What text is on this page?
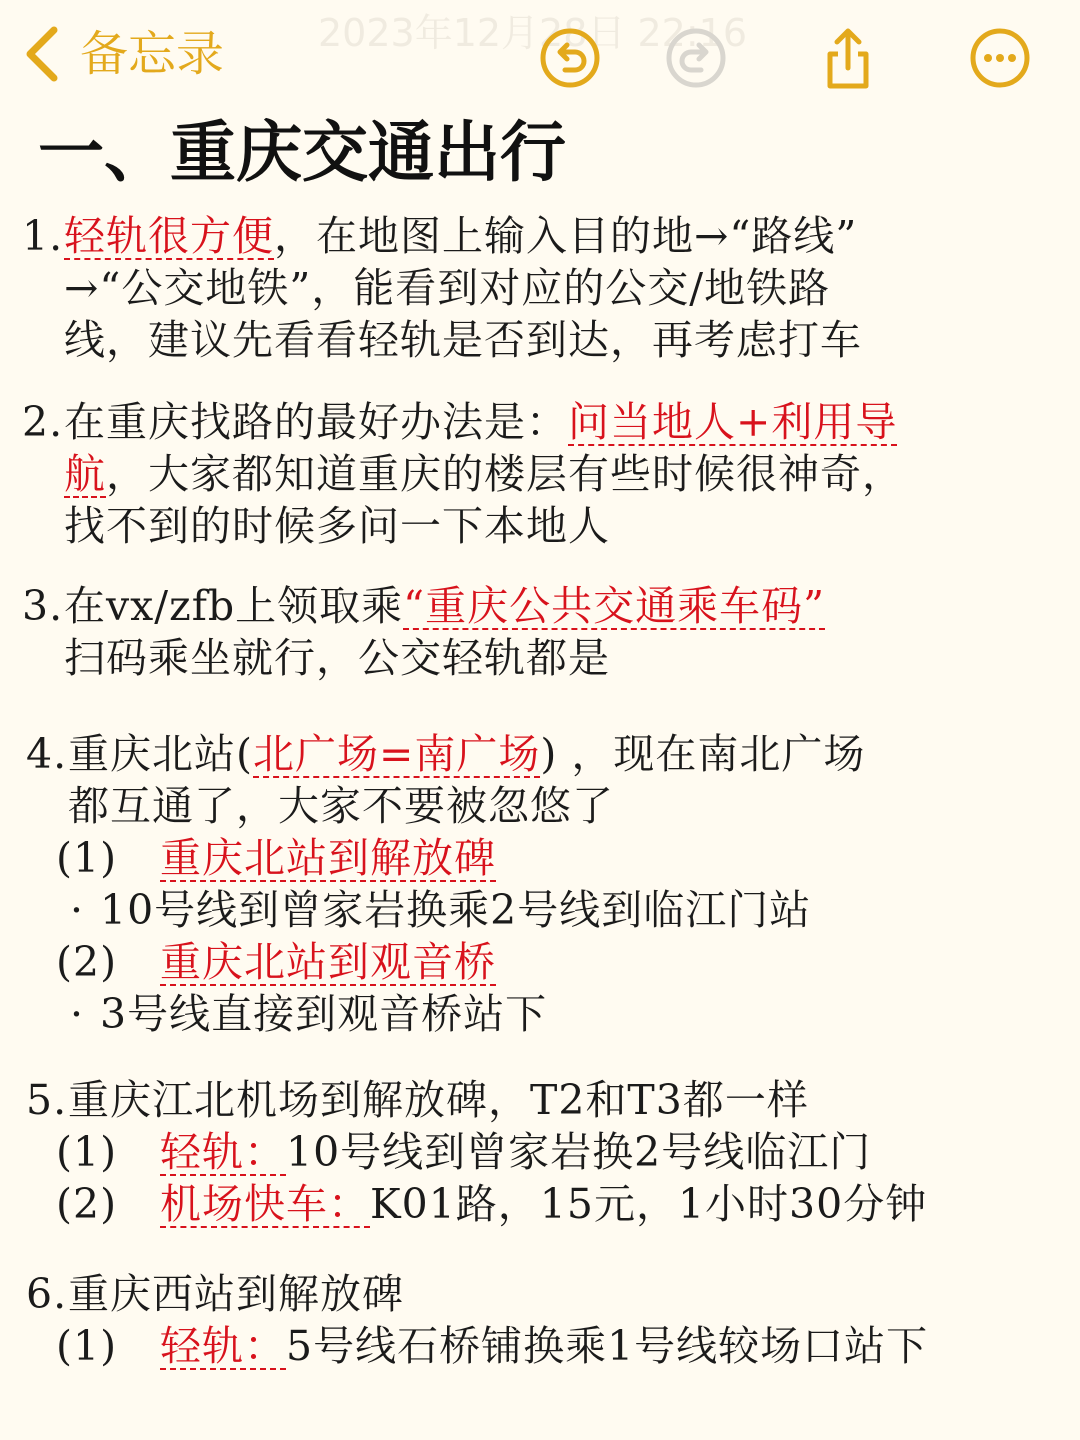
备忘录 2023年12月28日 22:16
一、重庆交通出行
1.轻轨很方便，在地图上输入目的地→“路线”
→“公交地铁”，能看到对应的公交/地铁路
线，建议先看看轻轨是否到达，再考虑打车
2.在重庆找路的最好办法是：问当地人+利用导
航，大家都知道重庆的楼层有些时候很神奇，
找不到的时候多问一下本地人
3.在vx/zfb上领取乘“重庆公共交通乘车码”
扫码乘坐就行，公交轻轨都是
4.重庆北站(北广场=南广场) ，现在南北广场
都互通了，大家不要被忽悠了
(1) 重庆北站到解放碑
· 10号线到曾家岩换乘2号线到临江门站
(2) 重庆北站到观音桥
· 3号线直接到观音桥站下
5.重庆江北机场到解放碑，T2和T3都一样
(1) 轻轨：10号线到曾家岩换2号线临江门
(2) 机场快车：K01路，15元，1小时30分钟
6.重庆西站到解放碑
(1) 轻轨：5号线石桥铺换乘1号线较场口站下
